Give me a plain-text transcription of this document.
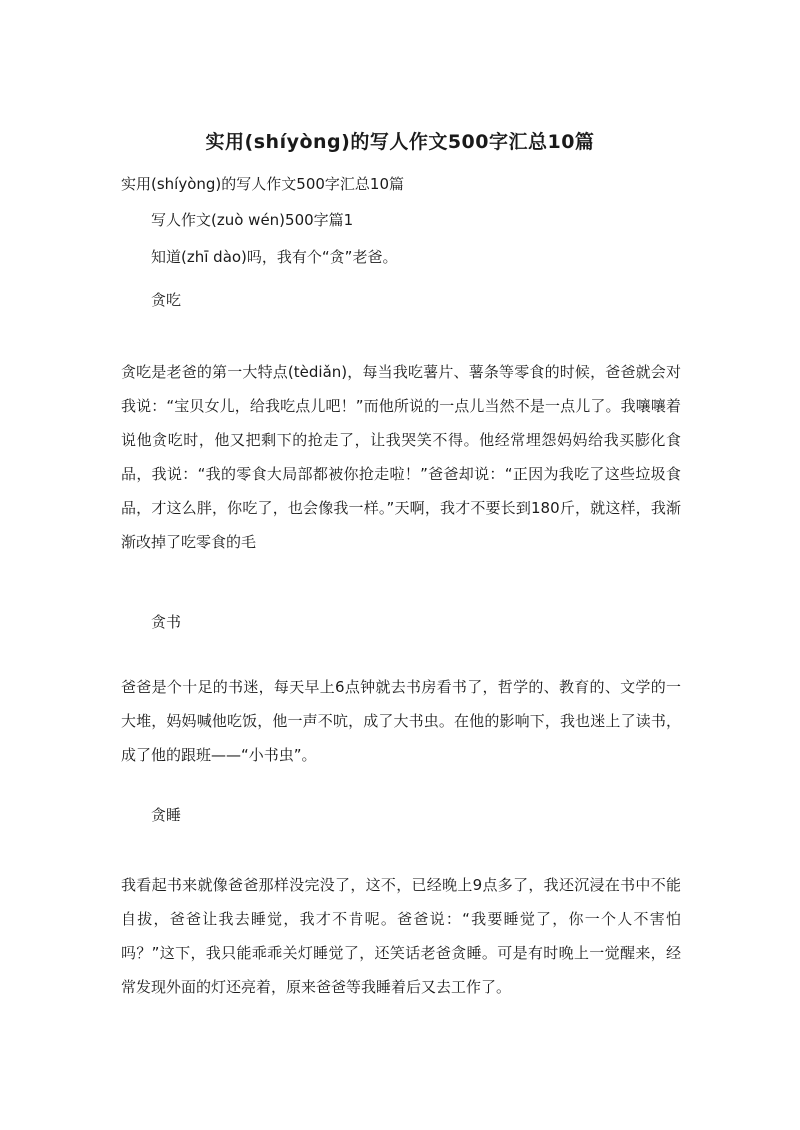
实用(shíyòng)的写人作文500字汇总10篇
实用(shíyòng)的写人作文500字汇总10篇
写人作文(zuò wén)500字篇1
知道(zhī dào)吗，我有个“贪”老爸。
贪吃

贪吃是老爸的第一大特点(tèdiǎn)，每当我吃薯片、薯条等零食的时候，爸爸就会对我说：“宝贝女儿，给我吃点儿吧！”而他所说的一点儿当然不是一点儿了。我嚷嚷着说他贪吃时，他又把剩下的抢走了，让我哭笑不得。他经常埋怨妈妈给我买膨化食品，我说：“我的零食大局部都被你抢走啦！”爸爸却说：“正因为我吃了这些垃圾食品，才这么胖，你吃了，也会像我一样。”天啊，我才不要长到180斤，就这样，我渐渐改掉了吃零食的毛

贪书

爸爸是个十足的书迷，每天早上6点钟就去书房看书了，哲学的、教育的、文学的一大堆，妈妈喊他吃饭，他一声不吭，成了大书虫。在他的影响下，我也迷上了读书，成了他的跟班——“小书虫”。

贪睡

我看起书来就像爸爸那样没完没了，这不，已经晚上9点多了，我还沉浸在书中不能自拔，爸爸让我去睡觉，我才不肯呢。爸爸说：“我要睡觉了，你一个人不害怕吗？”这下，我只能乖乖关灯睡觉了，还笑话老爸贪睡。可是有时晚上一觉醒来，经常发现外面的灯还亮着，原来爸爸等我睡着后又去工作了。
